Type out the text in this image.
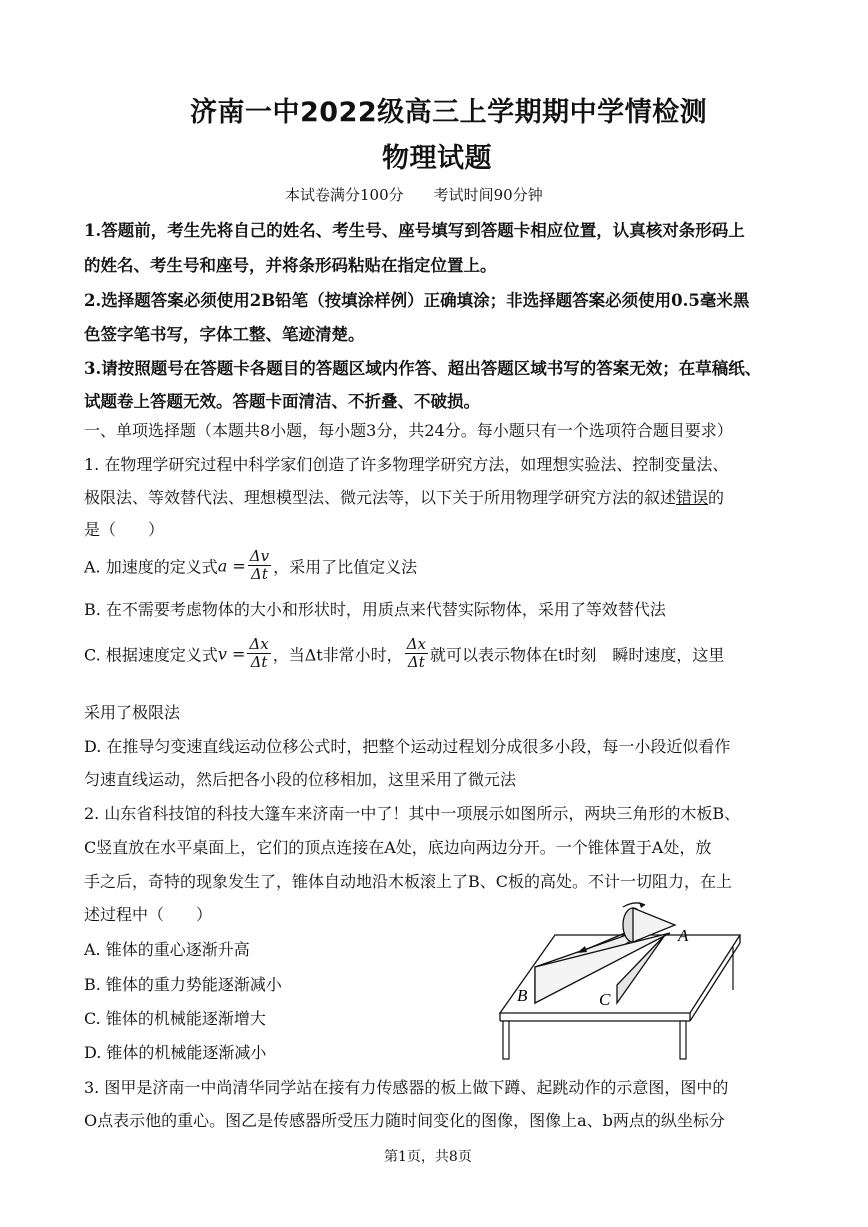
济南一中2022级高三上学期期中学情检测
物理试题
本试卷满分100分　　考试时间90分钟
1.答题前，考生先将自己的姓名、考生号、座号填写到答题卡相应位置，认真核对条形码上
的姓名、考生号和座号，并将条形码粘贴在指定位置上。
2.选择题答案必须使用2B铅笔（按填涂样例）正确填涂；非选择题答案必须使用0.5毫米黑
色签字笔书写，字体工整、笔迹清楚。
3.请按照题号在答题卡各题目的答题区域内作答、超出答题区域书写的答案无效；在草稿纸、
试题卷上答题无效。答题卡面清洁、不折叠、不破损。
一、单项选择题（本题共8小题，每小题3分，共24分。每小题只有一个选项符合题目要求）
1. 在物理学研究过程中科学家们创造了许多物理学研究方法，如理想实验法、控制变量法、
极限法、等效替代法、理想模型法、微元法等，以下关于所用物理学研究方法的叙述错误的
是（　　）
A. 加速度的定义式$a = \frac{\Delta v}{\Delta t}$ ，采用了比值定义法
B. 在不需要考虑物体的大小和形状时，用质点来代替实际物体，采用了等效替代法
C. 根据速度定义式$v = \frac{\Delta x}{\Delta t}$ ，当Δt非常小时， $\frac{\Delta x}{\Delta t}$ 就可以表示物体在t时刻　瞬时速度，这里
采用了极限法
D. 在推导匀变速直线运动位移公式时，把整个运动过程划分成很多小段，每一小段近似看作
匀速直线运动，然后把各小段的位移相加，这里采用了微元法
2. 山东省科技馆的科技大篷车来济南一中了！其中一项展示如图所示，两块三角形的木板B、
C竖直放在水平桌面上，它们的顶点连接在A处，底边向两边分开。一个锥体置于A处，放
手之后，奇特的现象发生了，锥体自动地沿木板滚上了B、C板的高处。不计一切阻力，在上
述过程中（　　）
A. 锥体的重心逐渐升高
B. 锥体的重力势能逐渐减小
C. 锥体的机械能逐渐增大
D. 锥体的机械能逐渐减小
A
B	C
3. 图甲是济南一中尚清华同学站在接有力传感器的板上做下蹲、起跳动作的示意图，图中的
O点表示他的重心。图乙是传感器所受压力随时间变化的图像，图像上a、b两点的纵坐标分
第1页，共8页
